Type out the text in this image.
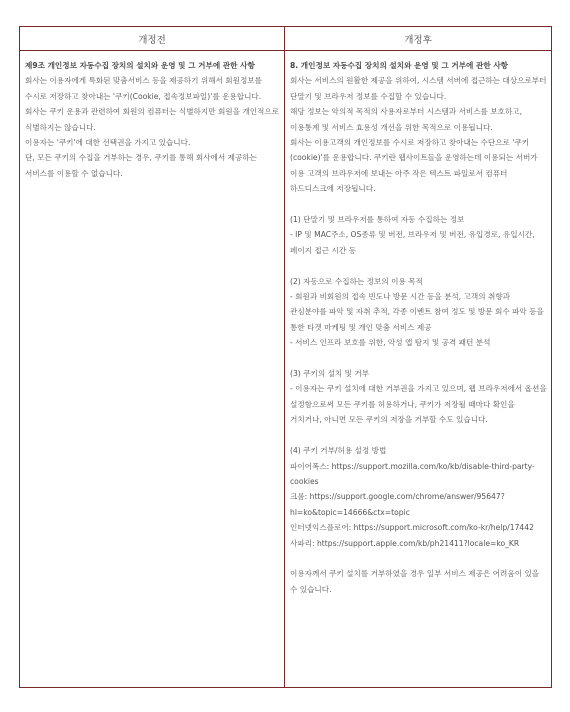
개정전	개정후

제9조 개인정보 자동수집 장치의 설치와 운영 및 그 거부에 관한 사항

회사는 이용자에게 특화된 맞춤서비스 등을 제공하기 위해서 회원정보를 수시로 저장하고 찾아내는 '쿠키(Cookie, 접속정보파일)'를 운용합니다.

회사는 쿠키 운용과 관련하여 회원의 컴퓨터는 식별하지만 회원을 개인적으로 식별하지는 않습니다.

이용자는 '쿠키'에 대한 선택권을 가지고 있습니다.

단, 모든 쿠키의 수집을 거부하는 경우, 쿠키를 통해 회사에서 제공하는 서비스를 이용할 수 없습니다.

8. 개인정보 자동수집 장치의 설치와 운영 및 그 거부에 관한 사항

회사는 서비스의 원활한 제공을 위하여, 시스템 서버에 접근하는 대상으로부터 단말기 및 브라우저 정보를 수집할 수 있습니다.

해당 정보는 악의적 목적의 사용자로부터 시스템과 서비스를 보호하고, 이용통계 및 서비스 효용성 개선을 위한 목적으로 이용됩니다.

회사는 이용고객의 개인정보를 수시로 저장하고 찾아내는 수단으로 '쿠키(cookie)'를 운용합니다. 쿠키란 웹사이트들을 운영하는데 이용되는 서버가 이용 고객의 브라우저에 보내는 아주 작은 텍스트 파일로서 컴퓨터 하드디스크에 저장됩니다.

(1) 단말기 및 브라우저를 통하여 자동 수집하는 정보

- IP 및 MAC주소, OS종류 및 버전, 브라우저 및 버전, 유입경로, 유입시간, 페이지 접근 시간 등

(2) 자동으로 수집하는 정보의 이용 목적

- 회원과 비회원의 접속 빈도나 방문 시간 등을 분석, 고객의 취향과 관심분야를 파악 및 자취 추적, 각종 이벤트 참여 정도 및 방문 회수 파악 등을 통한 타겟 마케팅 및 개인 맞춤 서비스 제공

- 서비스 인프라 보호를 위한, 악성 앱 탐지 및 공격 패턴 분석

(3) 쿠키의 설치 및 거부

- 이용자는 쿠키 설치에 대한 거부권을 가지고 있으며, 웹 브라우저에서 옵션을 설정함으로써 모든 쿠키를 허용하거나, 쿠키가 저장될 때마다 확인을 거치거나, 아니면 모든 쿠키의 저장을 거부할 수도 있습니다.

(4) 쿠키 거부/허용 설정 방법

파이어폭스: https://support.mozilla.com/ko/kb/disable-third-party-cookies

크롬: https://support.google.com/chrome/answer/95647?hl=ko&topic=14666&ctx=topic

인터넷익스플로어: https://support.microsoft.com/ko-kr/help/17442

사파리: https://support.apple.com/kb/ph21411?locale=ko_KR

이용자께서 쿠키 설치를 거부하였을 경우 일부 서비스 제공은 어려움이 있을 수 있습니다.
